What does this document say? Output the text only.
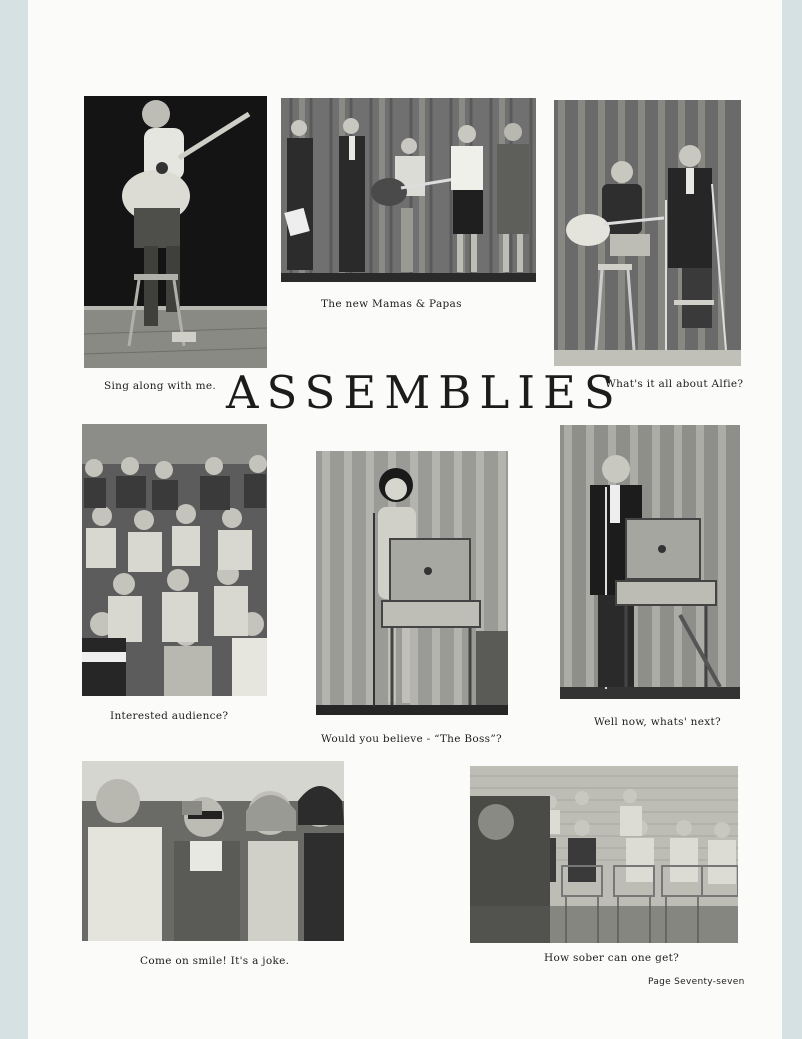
Sing along with me.
The new Mamas & Papas
What's it all about Alfie?
ASSEMBLIES
Interested audience?
Would you believe - “The Boss”?
Well now, whats' next?
Come on smile! It's a joke.	How sober can one get?
Page Seventy-seven
